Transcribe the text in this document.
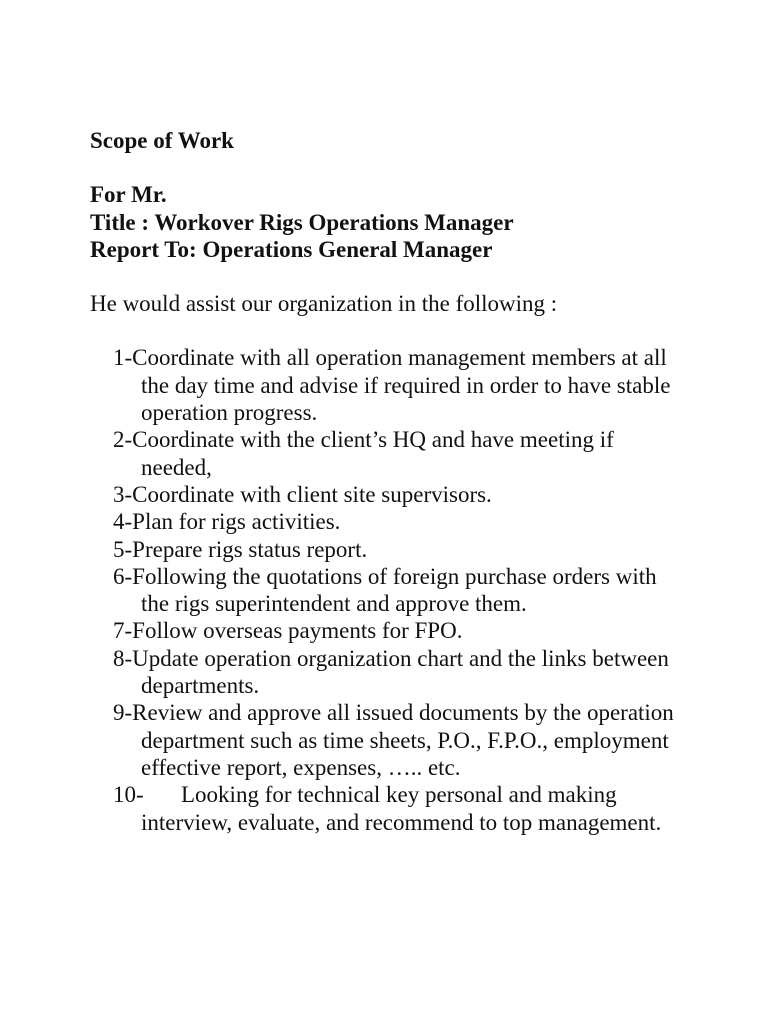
Scope of Work
For Mr.
Title : Workover Rigs Operations Manager
Report To: Operations General Manager
He would assist our organization in the following :
1-Coordinate with all operation management members at all the day time and advise if required in order to have stable operation progress.
2-Coordinate with the client’s HQ and have meeting if needed,
3-Coordinate with client site supervisors.
4-Plan for rigs activities.
5-Prepare rigs status report.
6-Following the quotations of foreign purchase orders with the rigs superintendent and approve them.
7-Follow overseas payments for FPO.
8-Update operation organization chart and the links between departments.
9-Review and approve all issued documents by the operation department such as time sheets, P.O., F.P.O., employment effective report, expenses, ….. etc.
10- Looking for technical key personal and making interview, evaluate, and recommend to top management.
